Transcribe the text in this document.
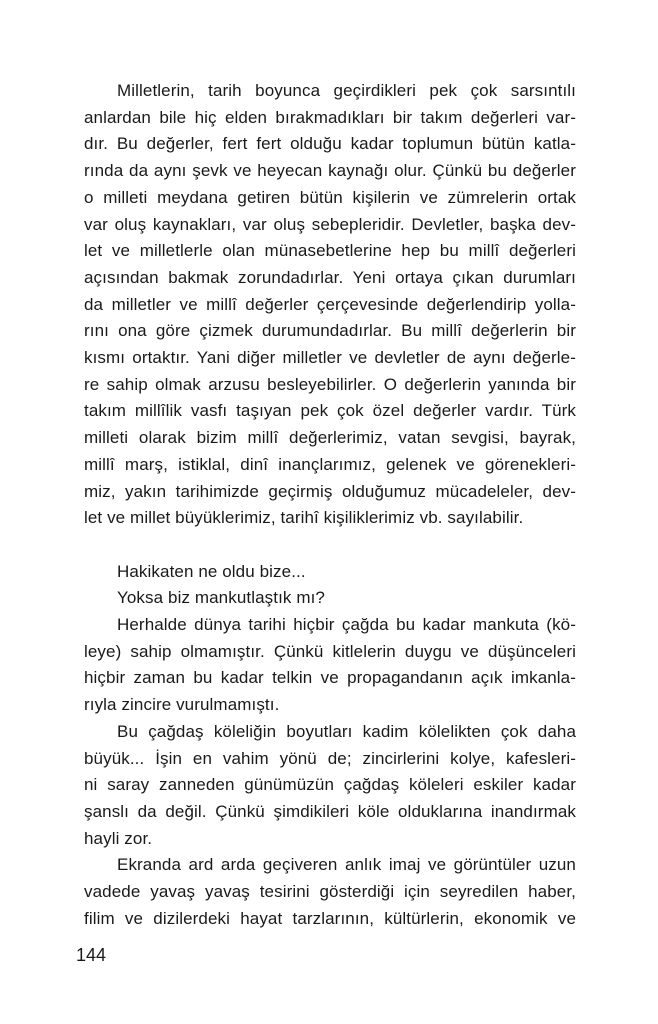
Milletlerin, tarih boyunca geçirdikleri pek çok sarsıntılı
anlardan bile hiç elden bırakmadıkları bir takım değerleri var-
dır. Bu değerler, fert fert olduğu kadar toplumun bütün katla-
rında da aynı şevk ve heyecan kaynağı olur. Çünkü bu değerler
o milleti meydana getiren bütün kişilerin ve zümrelerin ortak
var oluş kaynakları, var oluş sebepleridir. Devletler, başka dev-
let ve milletlerle olan münasebetlerine hep bu millî değerleri
açısından bakmak zorundadırlar. Yeni ortaya çıkan durumları
da milletler ve millî değerler çerçevesinde değerlendirip yolla-
rını ona göre çizmek durumundadırlar. Bu millî değerlerin bir
kısmı ortaktır. Yani diğer milletler ve devletler de aynı değerle-
re sahip olmak arzusu besleyebilirler. O değerlerin yanında bir
takım millîlik vasfı taşıyan pek çok özel değerler vardır. Türk
milleti olarak bizim millî değerlerimiz, vatan sevgisi, bayrak,
millî marş, istiklal, dinî inançlarımız, gelenek ve görenekleri-
miz, yakın tarihimizde geçirmiş olduğumuz mücadeleler, dev-
let ve millet büyüklerimiz, tarihî kişiliklerimiz vb. sayılabilir.
Hakikaten ne oldu bize...
Yoksa biz mankutlaştık mı?
Herhalde dünya tarihi hiçbir çağda bu kadar mankuta (kö-
leye) sahip olmamıştır. Çünkü kitlelerin duygu ve düşünceleri
hiçbir zaman bu kadar telkin ve propagandanın açık imkanla-
rıyla zincire vurulmamıştı.
Bu çağdaş köleliğin boyutları kadim kölelikten çok daha
büyük... İşin en vahim yönü de; zincirlerini kolye, kafesleri-
ni saray zanneden günümüzün çağdaş köleleri eskiler kadar
şanslı da değil. Çünkü şimdikileri köle olduklarına inandırmak
hayli zor.
Ekranda ard arda geçiveren anlık imaj ve görüntüler uzun
vadede yavaş yavaş tesirini gösterdiği için seyredilen haber,
filim ve dizilerdeki hayat tarzlarının, kültürlerin, ekonomik ve
144
